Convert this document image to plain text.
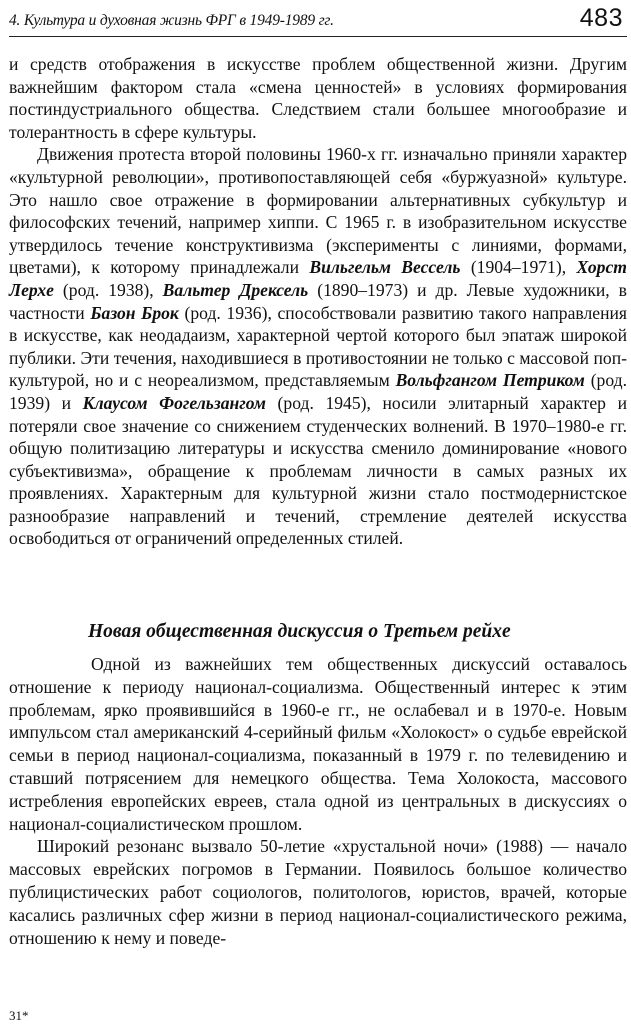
4. Культура и духовная жизнь ФРГ в 1949-1989 гг.	483

и средств отображения в искусстве проблем общественной жизни. Другим важнейшим фактором стала «смена ценностей» в условиях формирования постиндустриального общества. Следствием стали большее многообразие и толерантность в сфере культуры.

Движения протеста второй половины 1960-х гг. изначально приняли характер «культурной революции», противопоставляющей себя «буржуазной» культуре. Это нашло свое отражение в формировании альтернативных субкультур и философских течений, например хиппи. С 1965 г. в изобразительном искусстве утвердилось течение конструктивизма (эксперименты с линиями, формами, цветами), к которому принадлежали Вильгельм Вессель (1904–1971), Хорст Лерхе (род. 1938), Вальтер Дрексель (1890–1973) и др. Левые художники, в частности Базон Брок (род. 1936), способствовали развитию такого направления в искусстве, как неодадаизм, характерной чертой которого был эпатаж широкой публики. Эти течения, находившиеся в противостоянии не только с массовой поп-культурой, но и с неореализмом, представляемым Вольфгангом Петриком (род. 1939) и Клаусом Фогельзангом (род. 1945), носили элитарный характер и потеряли свое значение со снижением студенческих волнений. В 1970–1980-е гг. общую политизацию литературы и искусства сменило доминирование «нового субъективизма», обращение к проблемам личности в самых разных их проявлениях. Характерным для культурной жизни стало постмодернистское разнообразие направлений и течений, стремление деятелей искусства освободиться от ограничений определенных стилей.

Новая общественная дискуссия о Третьем рейхе

Одной из важнейших тем общественных дискуссий оставалось отношение к периоду национал-социализма. Общественный интерес к этим проблемам, ярко проявившийся в 1960-е гг., не ослабевал и в 1970-е. Новым импульсом стал американский 4-серийный фильм «Холокост» о судьбе еврейской семьи в период национал-социализма, показанный в 1979 г. по телевидению и ставший потрясением для немецкого общества. Тема Холокоста, массового истребления европейских евреев, стала одной из центральных в дискуссиях о национал-социалистическом прошлом.

Широкий резонанс вызвало 50-летие «хрустальной ночи» (1988) — начало массовых еврейских погромов в Германии. Появилось большое количество публицистических работ социологов, политологов, юристов, врачей, которые касались различных сфер жизни в период национал-социалистического режима, отношению к нему и поведе-

31*
